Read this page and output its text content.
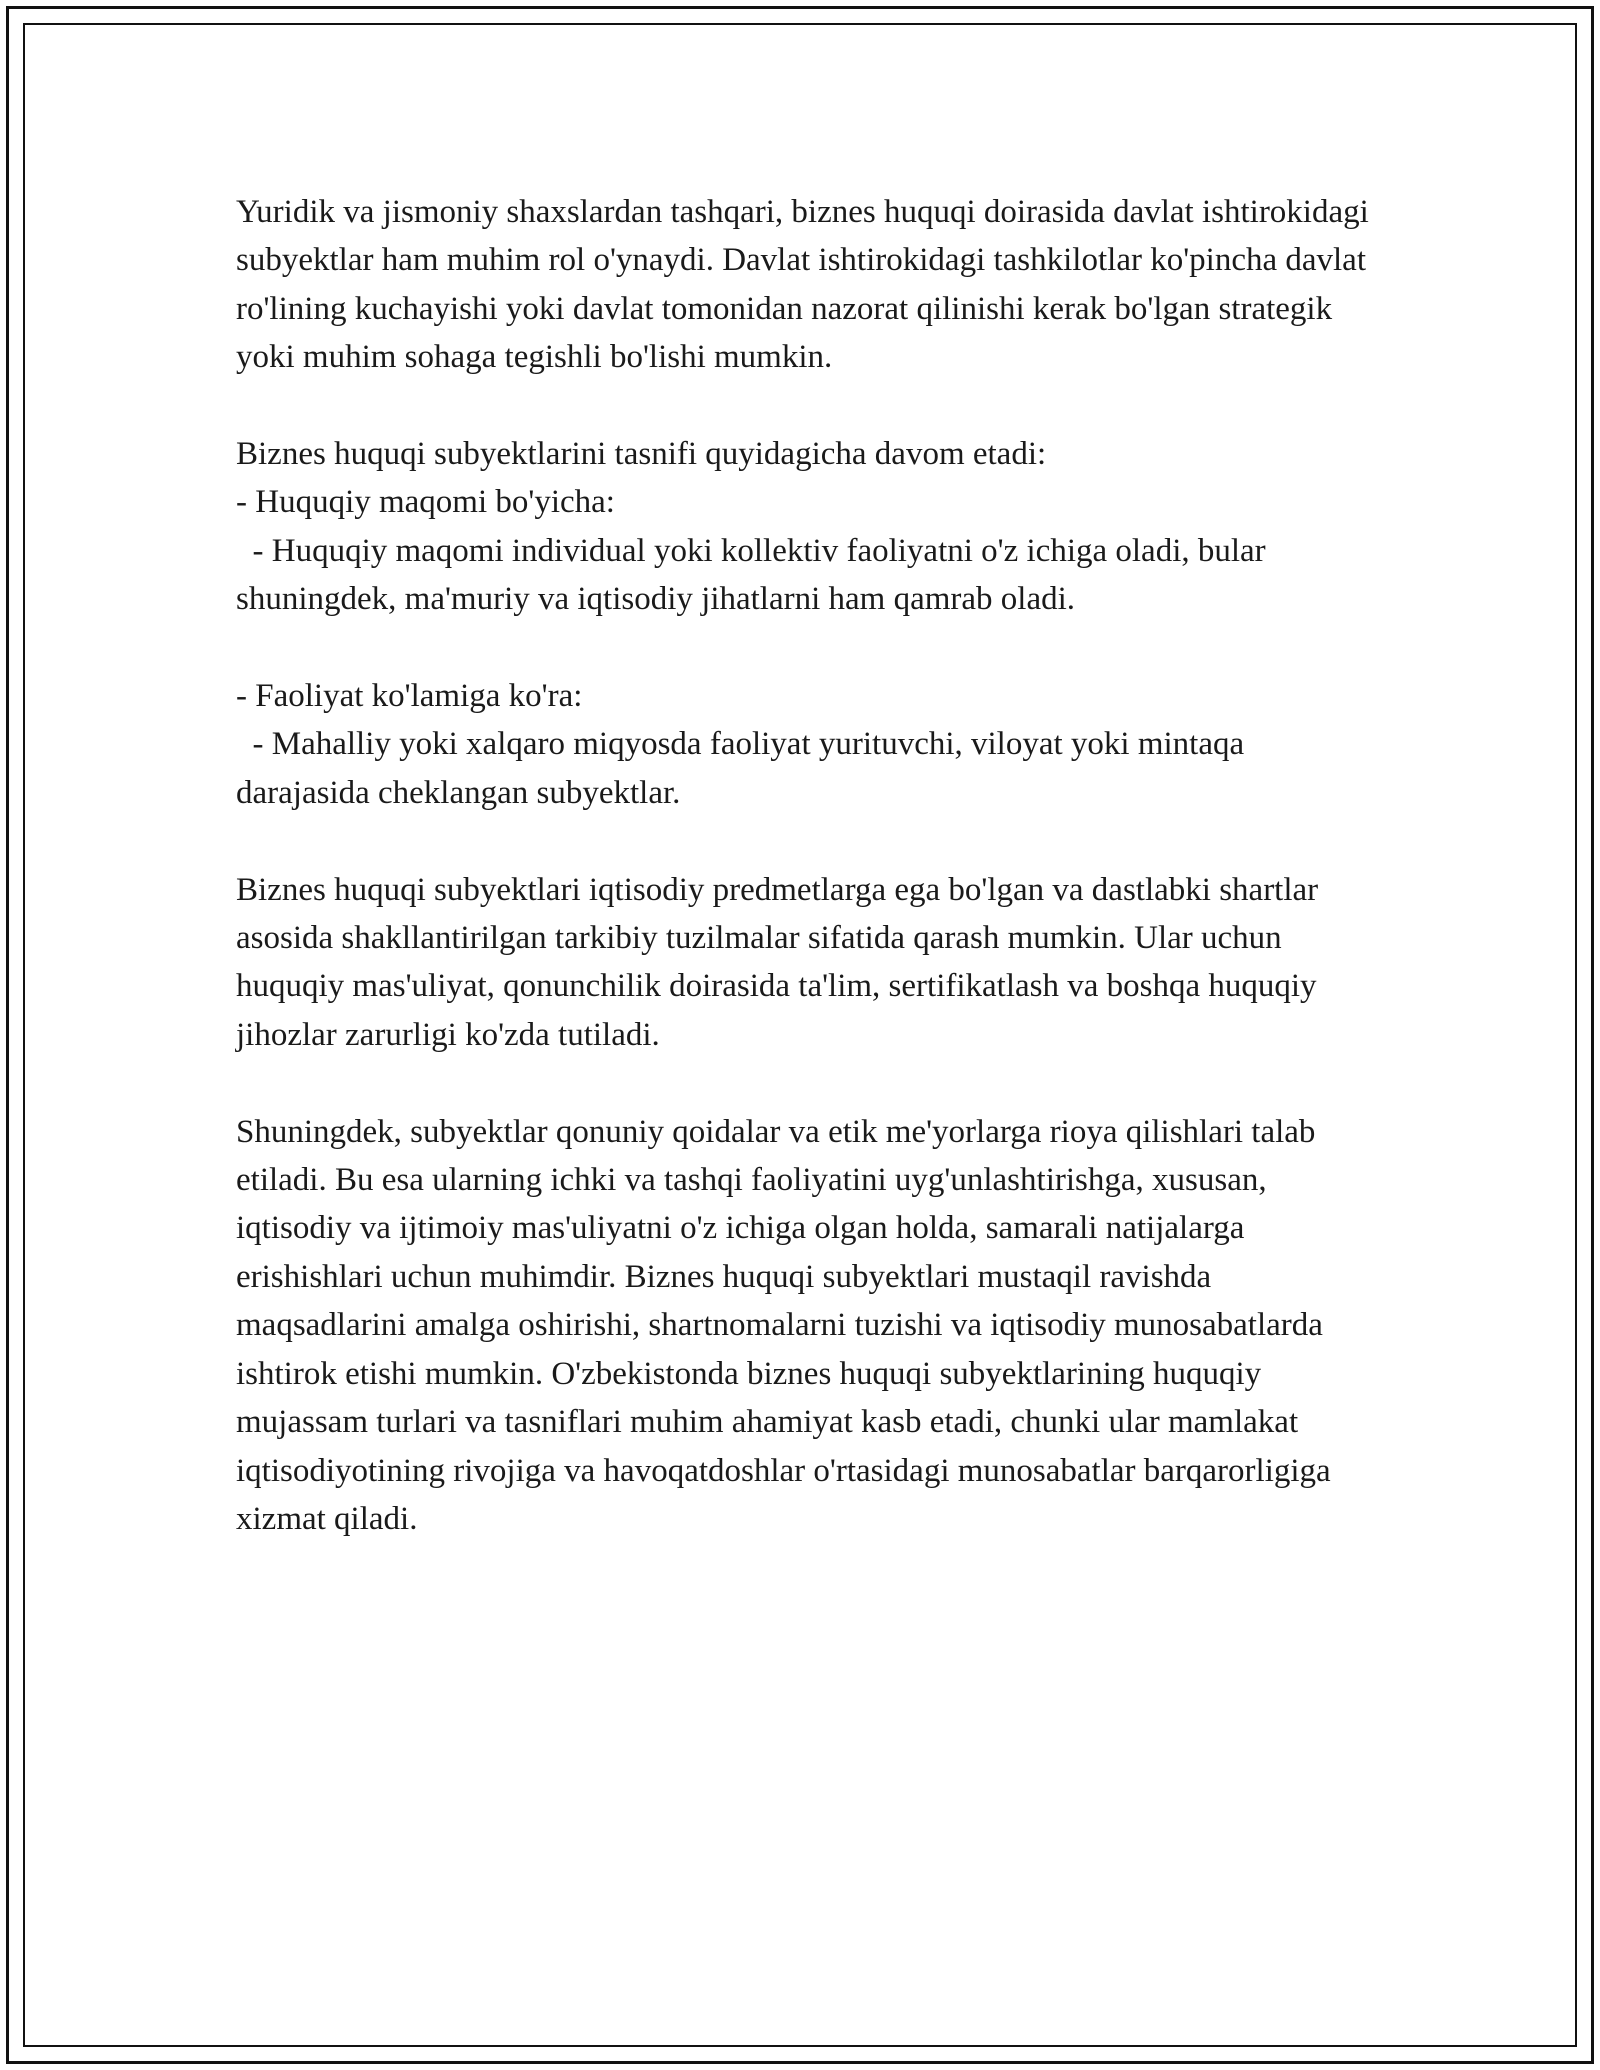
Yuridik va jismoniy shaxslardan tashqari, biznes huquqi doirasida davlat ishtirokidagi subyektlar ham muhim rol o'ynaydi. Davlat ishtirokidagi tashkilotlar ko'pincha davlat ro'lining kuchayishi yoki davlat tomonidan nazorat qilinishi kerak bo'lgan strategik yoki muhim sohaga tegishli bo'lishi mumkin.

Biznes huquqi subyektlarini tasnifi quyidagicha davom etadi:

- Huquqiy maqomi bo'yicha:

- Huquqiy maqomi individual yoki kollektiv faoliyatni o'z ichiga oladi, bular shuningdek, ma'muriy va iqtisodiy jihatlarni ham qamrab oladi.

- Faoliyat ko'lamiga ko'ra:

- Mahalliy yoki xalqaro miqyosda faoliyat yurituvchi, viloyat yoki mintaqa darajasida cheklangan subyektlar.

Biznes huquqi subyektlari iqtisodiy predmetlarga ega bo'lgan va dastlabki shartlar asosida shakllantirilgan tarkibiy tuzilmalar sifatida qarash mumkin. Ular uchun huquqiy mas'uliyat, qonunchilik doirasida ta'lim, sertifikatlash va boshqa huquqiy jihozlar zarurligi ko'zda tutiladi.

Shuningdek, subyektlar qonuniy qoidalar va etik me'yorlarga rioya qilishlari talab etiladi. Bu esa ularning ichki va tashqi faoliyatini uyg'unlashtirishga, xususan, iqtisodiy va ijtimoiy mas'uliyatni o'z ichiga olgan holda, samarali natijalarga erishishlari uchun muhimdir. Biznes huquqi subyektlari mustaqil ravishda maqsadlarini amalga oshirishi, shartnomalarni tuzishi va iqtisodiy munosabatlarda ishtirok etishi mumkin. O'zbekistonda biznes huquqi subyektlarining huquqiy mujassam turlari va tasniflari muhim ahamiyat kasb etadi, chunki ular mamlakat iqtisodiyotining rivojiga va havoqatdoshlar o'rtasidagi munosabatlar barqarorligiga xizmat qiladi.
